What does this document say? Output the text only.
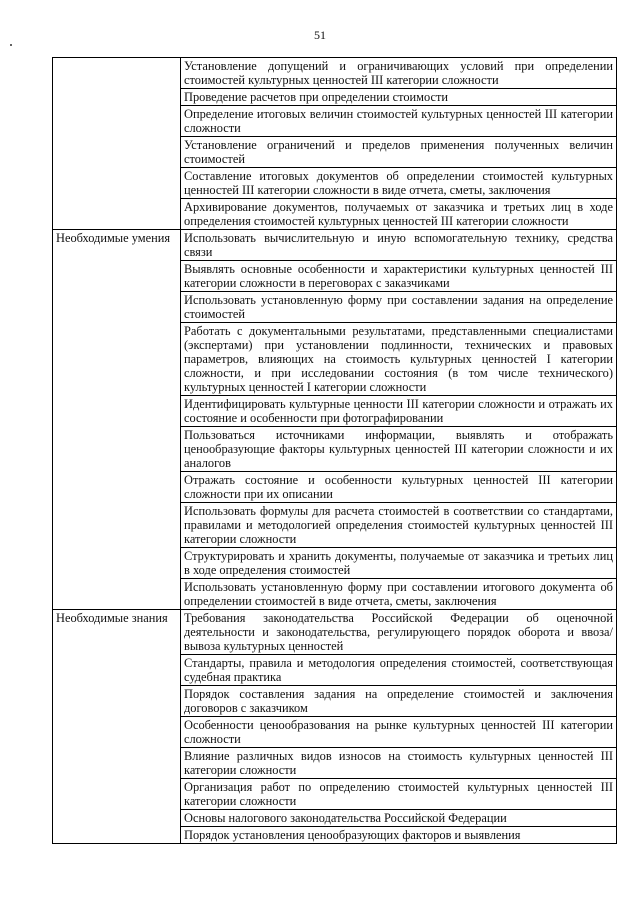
51
	Установление допущений и ограничивающих условий при определении стоимостей культурных ценностей III категории сложности
	Проведение расчетов при определении стоимости
	Определение итоговых величин стоимостей культурных ценностей III категории сложности
	Установление ограничений и пределов применения полученных величин стоимостей
	Составление итоговых документов об определении стоимостей культурных ценностей III категории сложности в виде отчета, сметы, заключения
	Архивирование документов, получаемых от заказчика и третьих лиц в ходе определения стоимостей культурных ценностей III категории сложности
Необходимые умения	Использовать вычислительную и иную вспомогательную технику, средства связи
	Выявлять основные особенности и характеристики культурных ценностей III категории сложности в переговорах с заказчиками
	Использовать установленную форму при составлении задания на определение стоимостей
	Работать с документальными результатами, представленными специалистами (экспертами) при установлении подлинности, технических и правовых параметров, влияющих на стоимость культурных ценностей I категории сложности, и при исследовании состояния (в том числе технического) культурных ценностей I категории сложности
	Идентифицировать культурные ценности III категории сложности и отражать их состояние и особенности при фотографировании
	Пользоваться источниками информации, выявлять и отображать ценообразующие факторы культурных ценностей III категории сложности и их аналогов
	Отражать состояние и особенности культурных ценностей III категории сложности при их описании
	Использовать формулы для расчета стоимостей в соответствии со стандартами, правилами и методологией определения стоимостей культурных ценностей III категории сложности
	Структурировать и хранить документы, получаемые от заказчика и третьих лиц в ходе определения стоимостей
	Использовать установленную форму при составлении итогового документа об определении стоимостей в виде отчета, сметы, заключения
Необходимые знания	Требования законодательства Российской Федерации об оценочной деятельности и законодательства, регулирующего порядок оборота и ввоза/вывоза культурных ценностей
	Стандарты, правила и методология определения стоимостей, соответствующая судебная практика
	Порядок составления задания на определение стоимостей и заключения договоров с заказчиком
	Особенности ценообразования на рынке культурных ценностей III категории сложности
	Влияние различных видов износов на стоимость культурных ценностей III категории сложности
	Организация работ по определению стоимостей культурных ценностей III категории сложности
	Основы налогового законодательства Российской Федерации
	Порядок установления ценообразующих факторов и выявления
